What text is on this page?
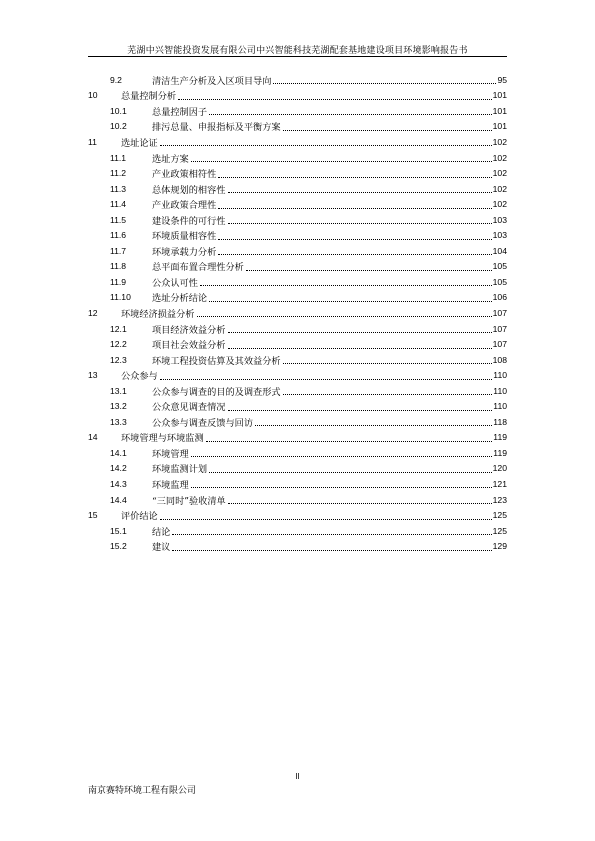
芜湖中兴智能投资发展有限公司中兴智能科技芜湖配套基地建设项目环境影响报告书
9.2	清洁生产分析及入区项目导向	95
10	总量控制分析	101
10.1	总量控制因子	101
10.2	排污总量、申报指标及平衡方案	101
11	选址论证	102
11.1	选址方案	102
11.2	产业政策相符性	102
11.3	总体规划的相容性	102
11.4	产业政策合理性	102
11.5	建设条件的可行性	103
11.6	环境质量相容性	103
11.7	环境承载力分析	104
11.8	总平面布置合理性分析	105
11.9	公众认可性	105
11.10	选址分析结论	106
12	环境经济损益分析	107
12.1	项目经济效益分析	107
12.2	项目社会效益分析	107
12.3	环境工程投资估算及其效益分析	108
13	公众参与	110
13.1	公众参与调查的目的及调查形式	110
13.2	公众意见调查情况	110
13.3	公众参与调查反馈与回访	118
14	环境管理与环境监测	119
14.1	环境管理	119
14.2	环境监测计划	120
14.3	环境监理	121
14.4	“三同时”验收清单	123
15	评价结论	125
15.1	结论	125
15.2	建议	129
II
南京赛特环境工程有限公司
